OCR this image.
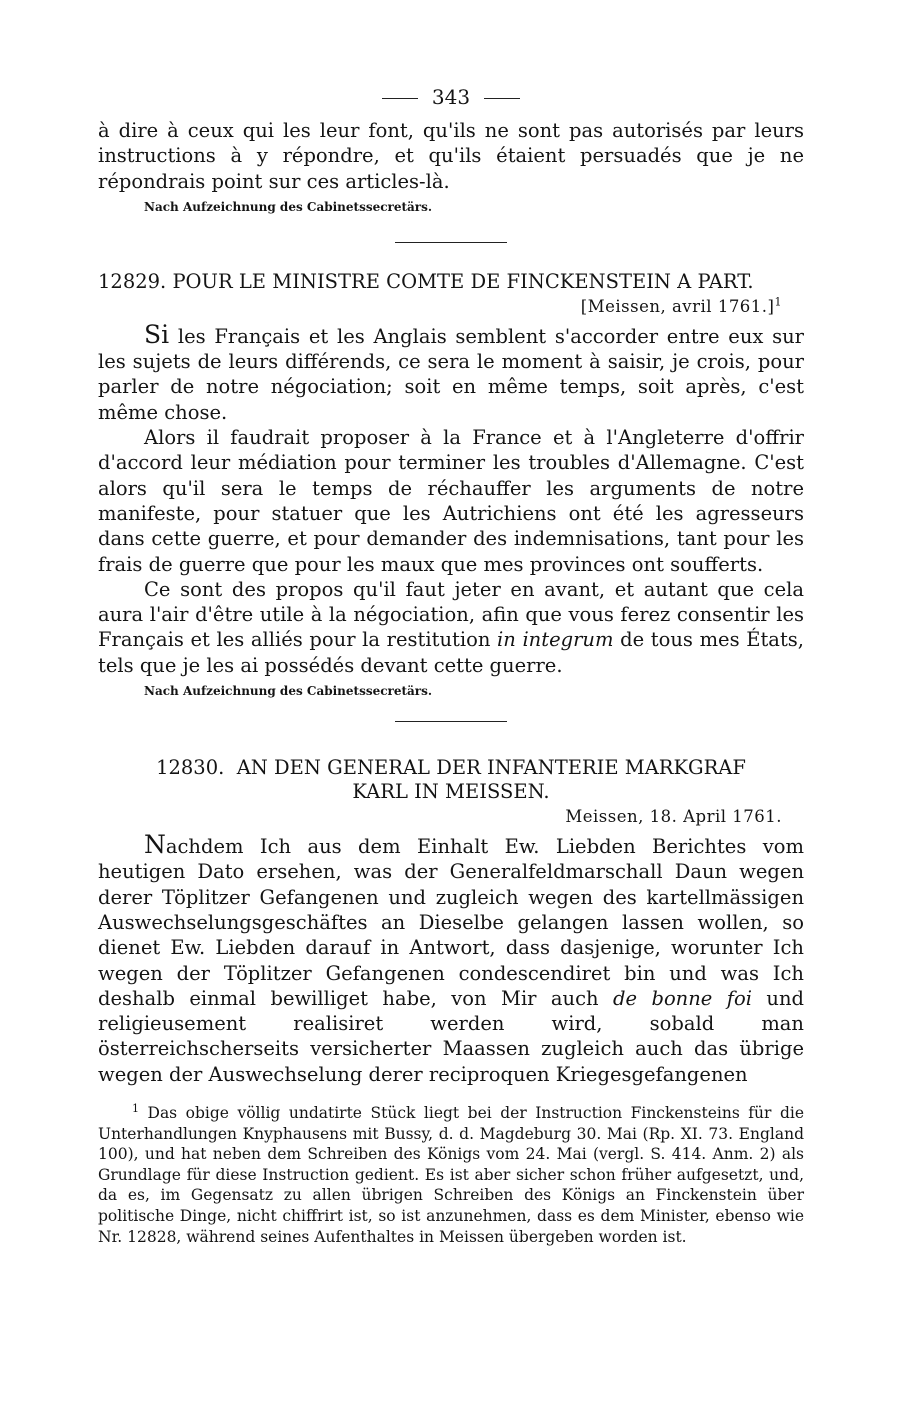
343

à dire à ceux qui les leur font, qu'ils ne sont pas autorisés par leurs instructions à y répondre, et qu'ils étaient persuadés que je ne répondrais point sur ces articles-là.

Nach Aufzeichnung des Cabinetssecretärs.

12829. POUR LE MINISTRE COMTE DE FINCKENSTEIN A PART.
[Meissen, avril 1761.]$^1$

Si les Français et les Anglais semblent s'accorder entre eux sur les sujets de leurs différends, ce sera le moment à saisir, je crois, pour parler de notre négociation; soit en même temps, soit après, c'est même chose.

Alors il faudrait proposer à la France et à l'Angleterre d'offrir d'accord leur médiation pour terminer les troubles d'Allemagne. C'est alors qu'il sera le temps de réchauffer les arguments de notre manifeste, pour statuer que les Autrichiens ont été les agresseurs dans cette guerre, et pour demander des indemnisations, tant pour les frais de guerre que pour les maux que mes provinces ont soufferts.

Ce sont des propos qu'il faut jeter en avant, et autant que cela aura l'air d'être utile à la négociation, afin que vous ferez consentir les Français et les alliés pour la restitution in integrum de tous mes États, tels que je les ai possédés devant cette guerre.

Nach Aufzeichnung des Cabinetssecretärs.

12830. AN DEN GENERAL DER INFANTERIE MARKGRAF
KARL IN MEISSEN.
Meissen, 18. April 1761.

Nachdem Ich aus dem Einhalt Ew. Liebden Berichtes vom heutigen Dato ersehen, was der Generalfeldmarschall Daun wegen derer Töplitzer Gefangenen und zugleich wegen des kartellmässigen Auswechselungsgeschäftes an Dieselbe gelangen lassen wollen, so dienet Ew. Liebden darauf in Antwort, dass dasjenige, worunter Ich wegen der Töplitzer Gefangenen condescendiret bin und was Ich deshalb einmal bewilliget habe, von Mir auch de bonne foi und religieusement realisiret werden wird, sobald man österreichscherseits versicherter Maassen zugleich auch das übrige wegen der Auswechselung derer reciproquen Kriegesgefangenen

$^1$ Das obige völlig undatirte Stück liegt bei der Instruction Finckensteins für die Unterhandlungen Knyphausens mit Bussy, d. d. Magdeburg 30. Mai (Rp. XI. 73. England 100), und hat neben dem Schreiben des Königs vom 24. Mai (vergl. S. 414. Anm. 2) als Grundlage für diese Instruction gedient. Es ist aber sicher schon früher aufgesetzt, und, da es, im Gegensatz zu allen übrigen Schreiben des Königs an Finckenstein über politische Dinge, nicht chiffrirt ist, so ist anzunehmen, dass es dem Minister, ebenso wie Nr. 12828, während seines Aufenthaltes in Meissen übergeben worden ist.
